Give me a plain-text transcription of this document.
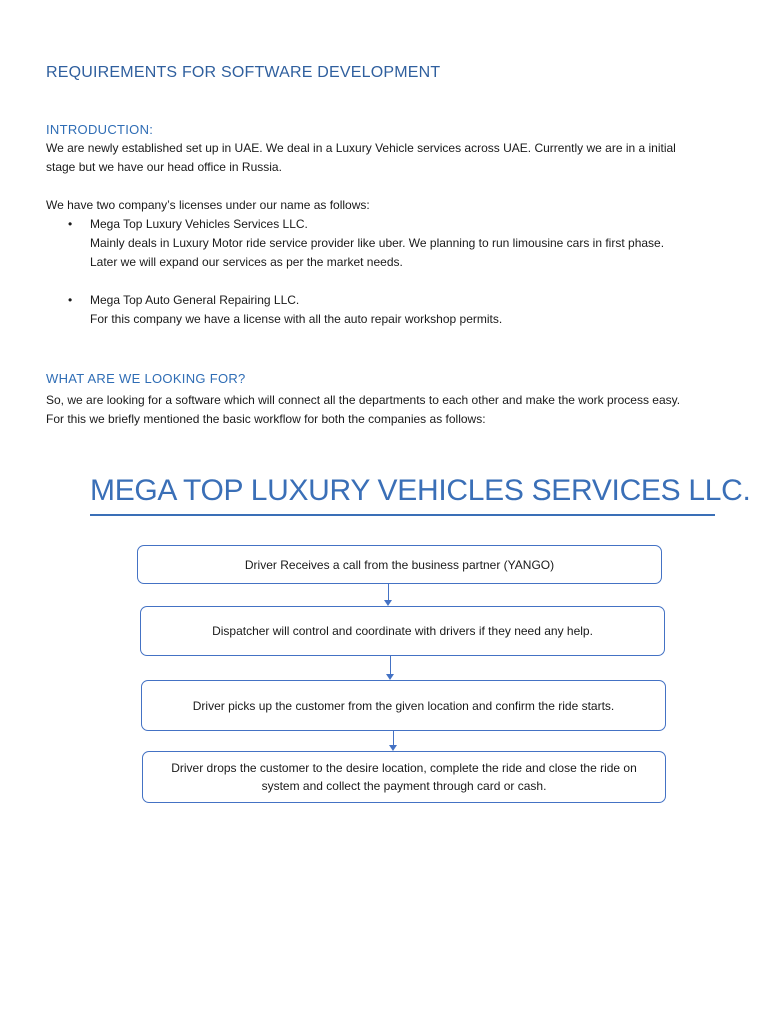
REQUIREMENTS FOR SOFTWARE DEVELOPMENT
INTRODUCTION:

We are newly established set up in UAE. We deal in a Luxury Vehicle services across UAE. Currently we are in a initial

stage but we have our head office in Russia.

We have two company’s licenses under our name as follows:
• Mega Top Luxury Vehicles Services LLC.
Mainly deals in Luxury Motor ride service provider like uber. We planning to run limousine cars in first phase.
Later we will expand our services as per the market needs.
• Mega Top Auto General Repairing LLC.
For this company we have a license with all the auto repair workshop permits.
WHAT ARE WE LOOKING FOR?

So, we are looking for a software which will connect all the departments to each other and make the work process easy.

For this we briefly mentioned the basic workflow for both the companies as follows:

MEGA TOP LUXURY VEHICLES SERVICES LLC.
Driver Receives a call from the business partner (YANGO)
Dispatcher will control and coordinate with drivers if they need any help.
Driver picks up the customer from the given location and confirm the ride starts.
Driver drops the customer to the desire location, complete the ride and close the ride on
system and collect the payment through card or cash.
